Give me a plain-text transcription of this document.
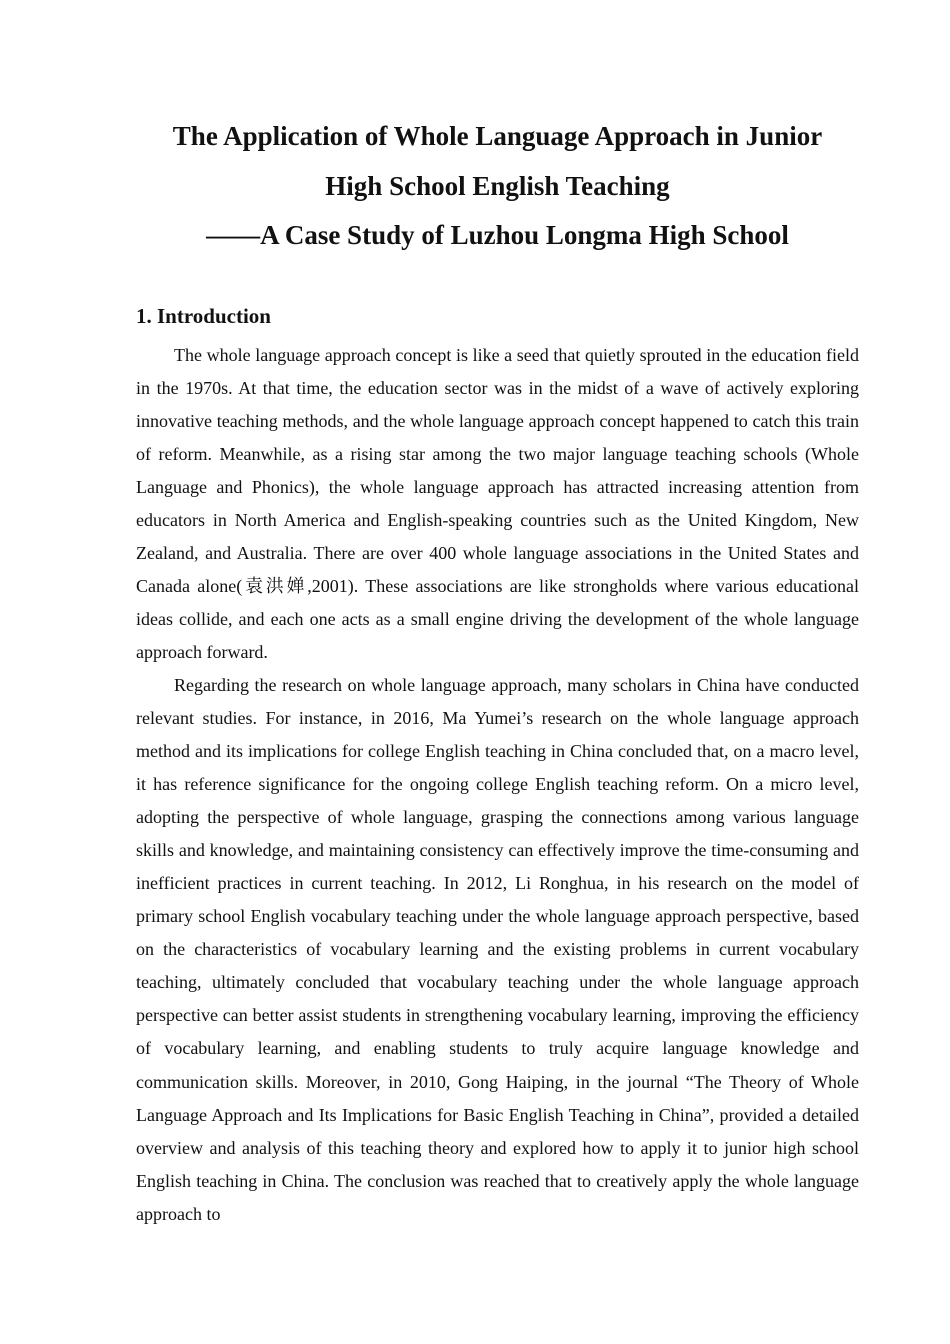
The Application of Whole Language Approach in Junior
High School English Teaching
——A Case Study of Luzhou Longma High School
1. Introduction

The whole language approach concept is like a seed that quietly sprouted in the education field in the 1970s. At that time, the education sector was in the midst of a wave of actively exploring innovative teaching methods, and the whole language approach concept happened to catch this train of reform. Meanwhile, as a rising star among the two major language teaching schools (Whole Language and Phonics), the whole language approach has attracted increasing attention from educators in North America and English-speaking countries such as the United Kingdom, New Zealand, and Australia. There are over 400 whole language associations in the United States and Canada alone(袁洪婵,2001). These associations are like strongholds where various educational ideas collide, and each one acts as a small engine driving the development of the whole language approach forward.

Regarding the research on whole language approach, many scholars in China have conducted relevant studies. For instance, in 2016, Ma Yumei’s research on the whole language approach method and its implications for college English teaching in China concluded that, on a macro level, it has reference significance for the ongoing college English teaching reform. On a micro level, adopting the perspective of whole language, grasping the connections among various language skills and knowledge, and maintaining consistency can effectively improve the time-consuming and inefficient practices in current teaching. In 2012, Li Ronghua, in his research on the model of primary school English vocabulary teaching under the whole language approach perspective, based on the characteristics of vocabulary learning and the existing problems in current vocabulary teaching, ultimately concluded that vocabulary teaching under the whole language approach perspective can better assist students in strengthening vocabulary learning, improving the efficiency of vocabulary learning, and enabling students to truly acquire language knowledge and communication skills. Moreover, in 2010, Gong Haiping, in the journal “The Theory of Whole Language Approach and Its Implications for Basic English Teaching in China”, provided a detailed overview and analysis of this teaching theory and explored how to apply it to junior high school English teaching in China. The conclusion was reached that to creatively apply the whole language approach to
